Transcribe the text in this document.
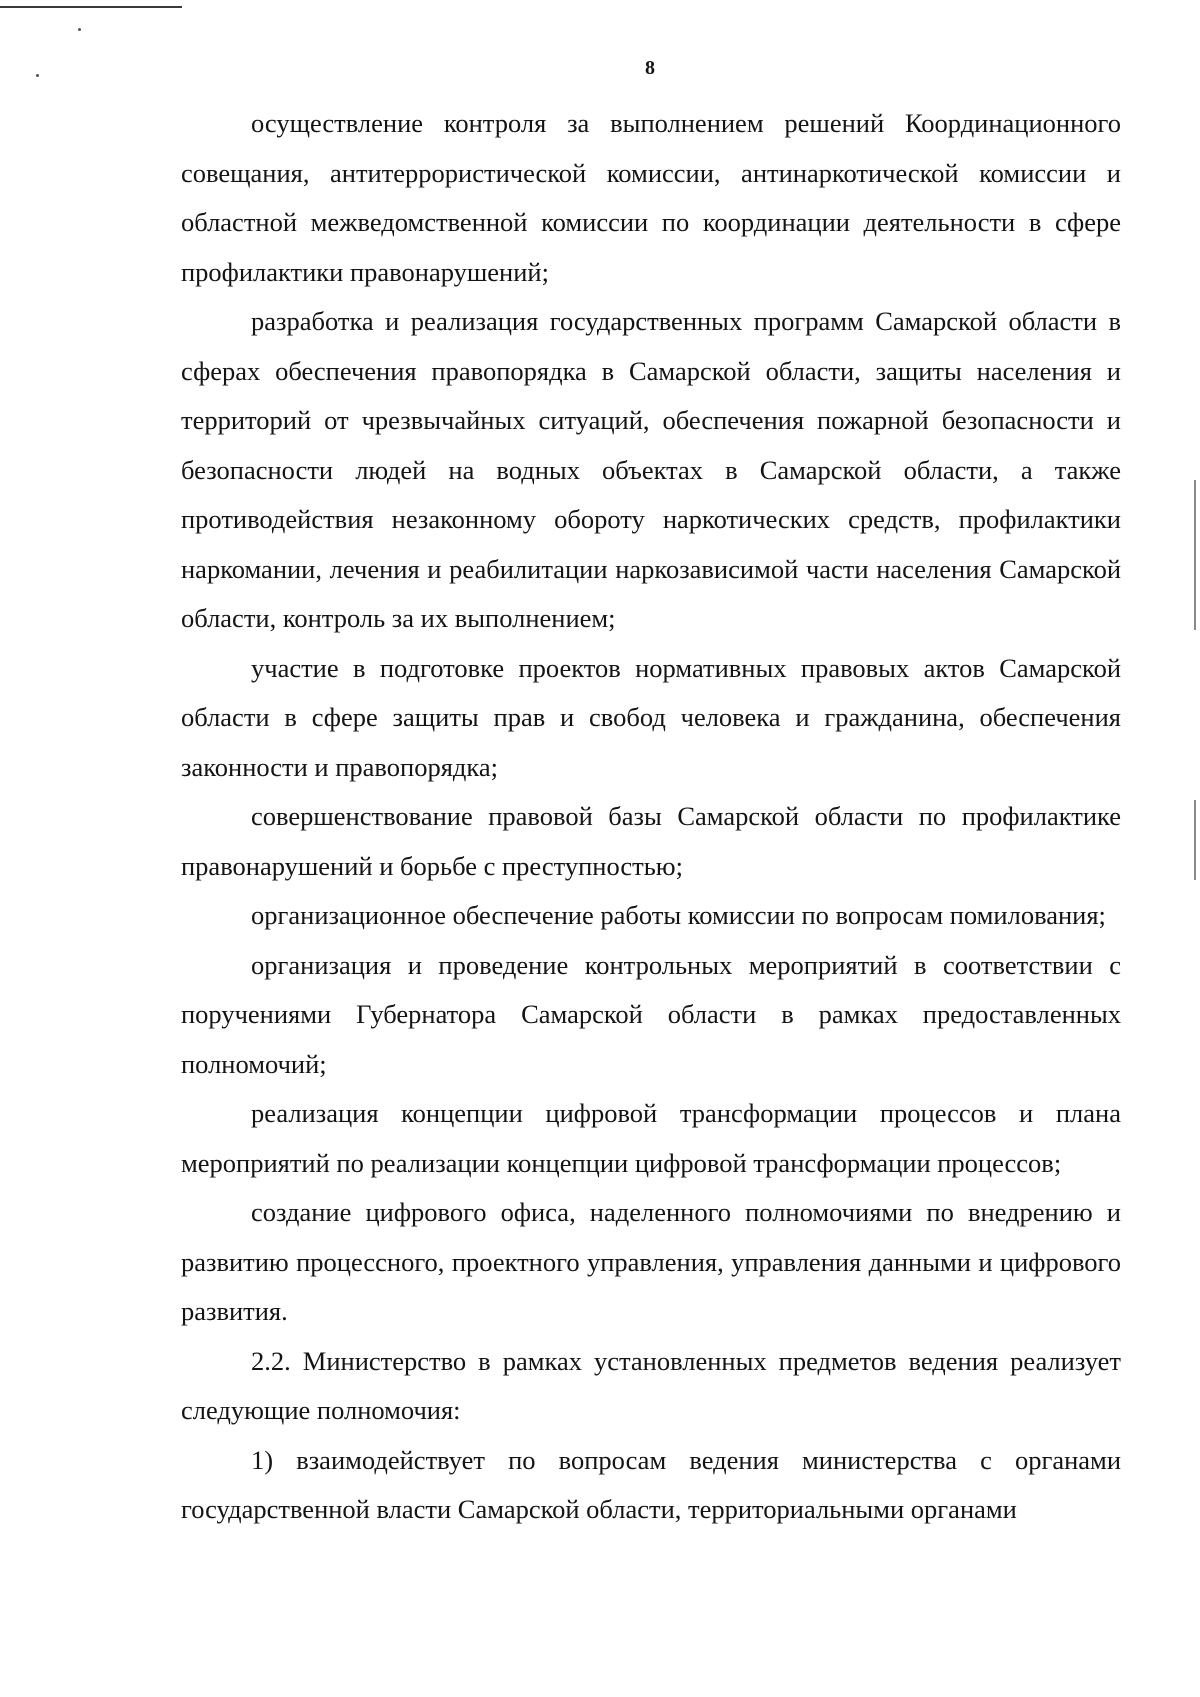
8

осуществление контроля за выполнением решений Координационного совещания, антитеррористической комиссии, антинаркотической комиссии и областной межведомственной комиссии по координации деятельности в сфере профилактики правонарушений;

разработка и реализация государственных программ Самарской области в сферах обеспечения правопорядка в Самарской области, защиты населения и территорий от чрезвычайных ситуаций, обеспечения пожарной безопасности и безопасности людей на водных объектах в Самарской области, а также противодействия незаконному обороту наркотических средств, профилактики наркомании, лечения и реабилитации наркозависимой части населения Самарской области, контроль за их выполнением;

участие в подготовке проектов нормативных правовых актов Самарской области в сфере защиты прав и свобод человека и гражданина, обеспечения законности и правопорядка;

совершенствование правовой базы Самарской области по профилактике правонарушений и борьбе с преступностью;

организационное обеспечение работы комиссии по вопросам помилования;

организация и проведение контрольных мероприятий в соответствии с поручениями Губернатора Самарской области в рамках предоставленных полномочий;

реализация концепции цифровой трансформации процессов и плана мероприятий по реализации концепции цифровой трансформации процессов;

создание цифрового офиса, наделенного полномочиями по внедрению и развитию процессного, проектного управления, управления данными и цифрового развития.

2.2. Министерство в рамках установленных предметов ведения реализует следующие полномочия:

1) взаимодействует по вопросам ведения министерства с органами государственной власти Самарской области, территориальными органами
